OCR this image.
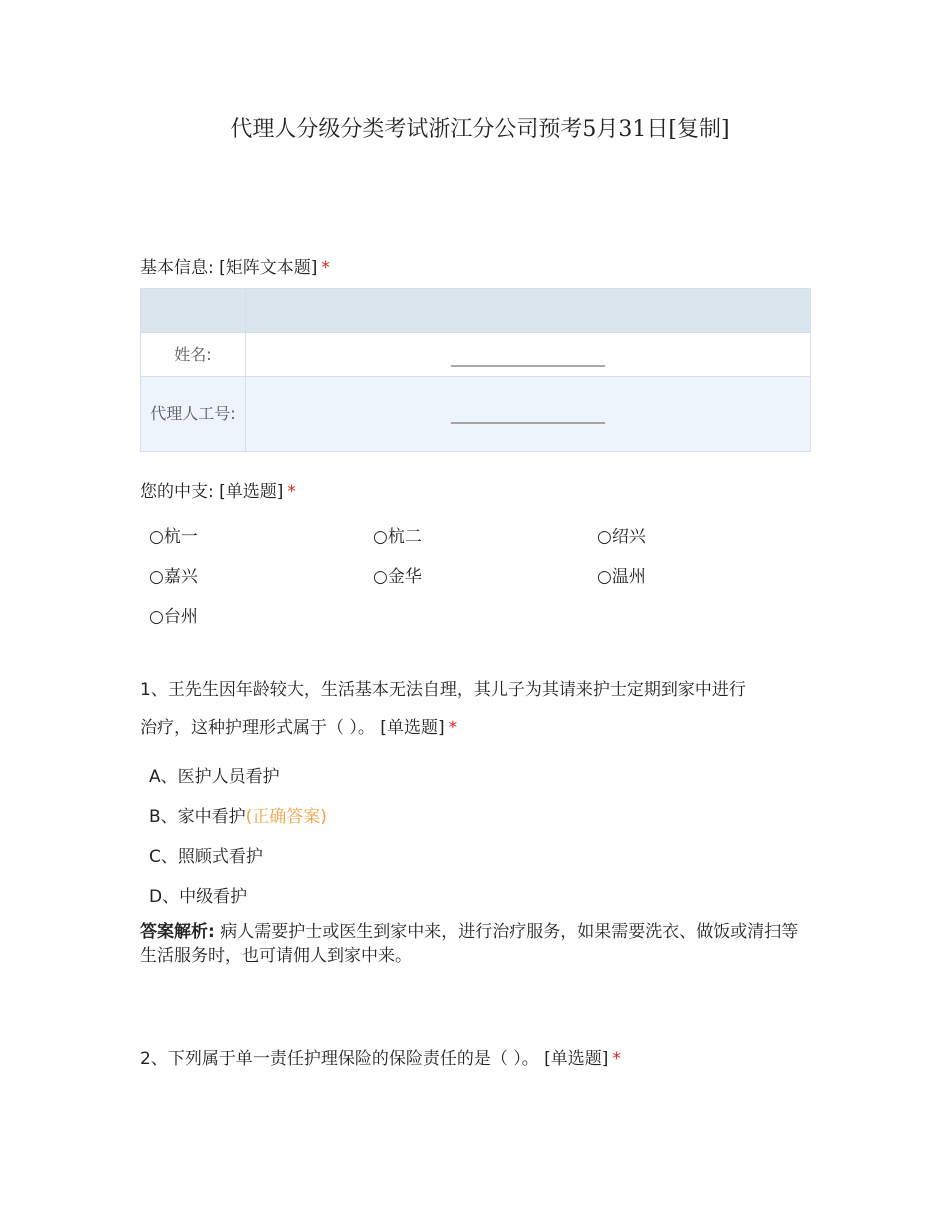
代理人分级分类考试浙江分公司预考5月31日[复制]
基本信息: [矩阵文本题] *

姓名:	______________________

代理人工号:	______________________
您的中支: [单选题] *
○杭一	○杭二	○绍兴
○嘉兴	○金华	○温州
○台州
1、王先生因年龄较大，生活基本无法自理，其儿子为其请来护士定期到家中进行
治疗，这种护理形式属于（ ）。 [单选题] *
A、医护人员看护
B、家中看护(正确答案)
C、照顾式看护
D、中级看护
答案解析: 病人需要护士或医生到家中来，进行治疗服务，如果需要洗衣、做饭或清扫等生活服务时，也可请佣人到家中来。
2、下列属于单一责任护理保险的保险责任的是（ ）。 [单选题] *
